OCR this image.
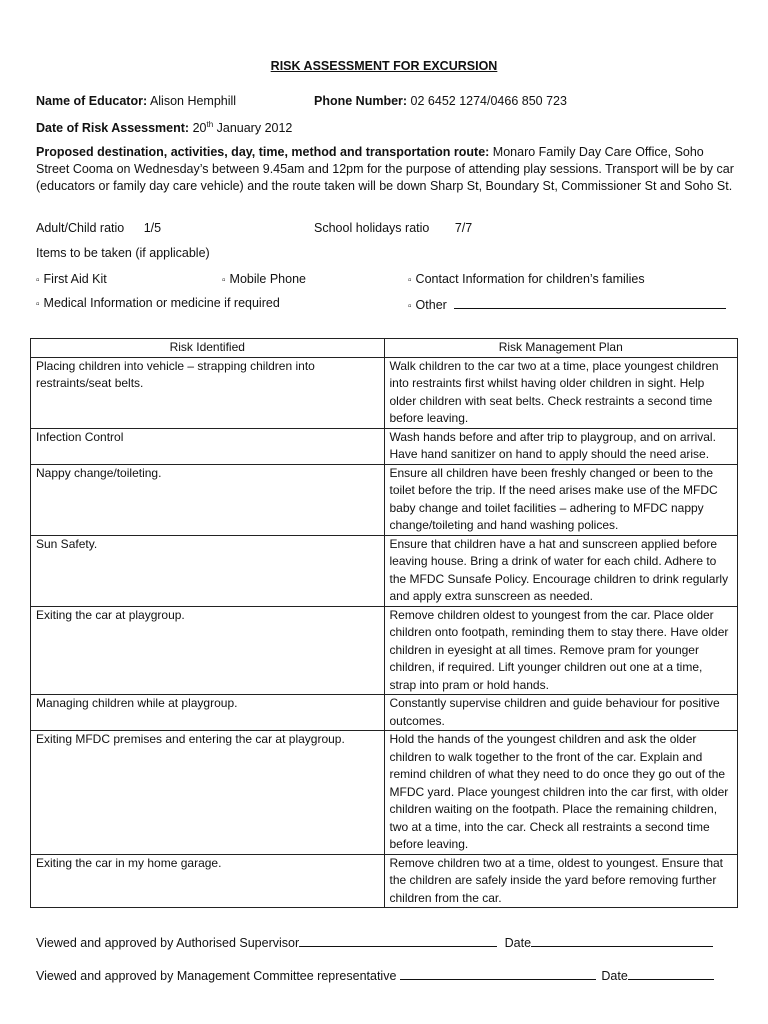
RISK ASSESSMENT FOR EXCURSION
Name of Educator: Alison Hemphill	Phone Number: 02 6452 1274/0466 850 723
Date of Risk Assessment: 20th January 2012
Proposed destination, activities, day, time, method and transportation route: Monaro Family Day Care Office, Soho Street Cooma on Wednesday’s between 9.45am and 12pm for the purpose of attending play sessions. Transport will be by car (educators or family day care vehicle) and the route taken will be down Sharp St, Boundary St, Commissioner St and Soho St.
Adult/Child ratio 1/5	School holidays ratio 7/7
Items to be taken (if applicable)
▫ First Aid Kit	▫ Mobile Phone	▫ Contact Information for children’s families
▫ Medical Information or medicine if required	▫ Other
Risk Identified	Risk Management Plan
Placing children into vehicle – strapping children into restraints/seat belts.	Walk children to the car two at a time, place youngest children into restraints first whilst having older children in sight. Help older children with seat belts. Check restraints a second time before leaving.
Infection Control	Wash hands before and after trip to playgroup, and on arrival. Have hand sanitizer on hand to apply should the need arise.
Nappy change/toileting.	Ensure all children have been freshly changed or been to the toilet before the trip. If the need arises make use of the MFDC baby change and toilet facilities – adhering to MFDC nappy change/toileting and hand washing polices.
Sun Safety.	Ensure that children have a hat and sunscreen applied before leaving house. Bring a drink of water for each child. Adhere to the MFDC Sunsafe Policy. Encourage children to drink regularly and apply extra sunscreen as needed.
Exiting the car at playgroup.	Remove children oldest to youngest from the car. Place older children onto footpath, reminding them to stay there. Have older children in eyesight at all times. Remove pram for younger children, if required. Lift younger children out one at a time, strap into pram or hold hands.
Managing children while at playgroup.	Constantly supervise children and guide behaviour for positive outcomes.
Exiting MFDC premises and entering the car at playgroup.	Hold the hands of the youngest children and ask the older children to walk together to the front of the car. Explain and remind children of what they need to do once they go out of the MFDC yard. Place youngest children into the car first, with older children waiting on the footpath. Place the remaining children, two at a time, into the car. Check all restraints a second time before leaving.
Exiting the car in my home garage.	Remove children two at a time, oldest to youngest. Ensure that the children are safely inside the yard before removing further children from the car.
Viewed and approved by Authorised Supervisor	Date
Viewed and approved by Management Committee representative	Date
